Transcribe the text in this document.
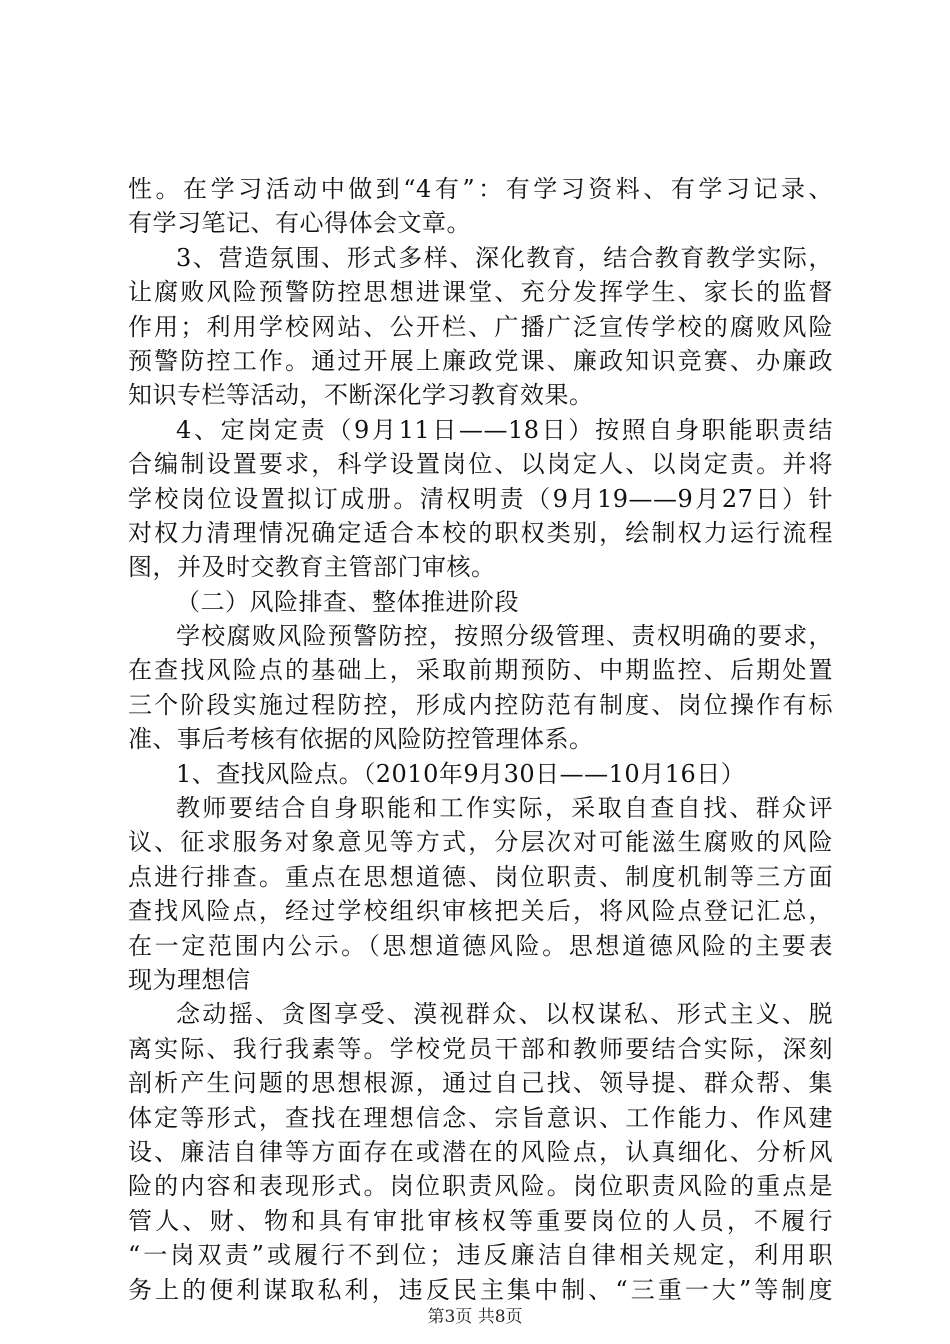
性。在学习活动中做到“4有”：有学习资料、有学习记录、
有学习笔记、有心得体会文章。
3、营造氛围、形式多样、深化教育，结合教育教学实际，
让腐败风险预警防控思想进课堂、充分发挥学生、家长的监督
作用；利用学校网站、公开栏、广播广泛宣传学校的腐败风险
预警防控工作。通过开展上廉政党课、廉政知识竞赛、办廉政
知识专栏等活动，不断深化学习教育效果。
4、定岗定责（9月11日——18日）按照自身职能职责结
合编制设置要求，科学设置岗位、以岗定人、以岗定责。并将
学校岗位设置拟订成册。清权明责（9月19——9月27日）针
对权力清理情况确定适合本校的职权类别，绘制权力运行流程
图，并及时交教育主管部门审核。
（二）风险排查、整体推进阶段
学校腐败风险预警防控，按照分级管理、责权明确的要求，
在查找风险点的基础上，采取前期预防、中期监控、后期处置
三个阶段实施过程防控，形成内控防范有制度、岗位操作有标
准、事后考核有依据的风险防控管理体系。
1、查找风险点。（2010年9月30日——10月16日）
教师要结合自身职能和工作实际，采取自查自找、群众评
议、征求服务对象意见等方式，分层次对可能滋生腐败的风险
点进行排查。重点在思想道德、岗位职责、制度机制等三方面
查找风险点，经过学校组织审核把关后，将风险点登记汇总，
在一定范围内公示。（思想道德风险。思想道德风险的主要表
现为理想信
念动摇、贪图享受、漠视群众、以权谋私、形式主义、脱
离实际、我行我素等。学校党员干部和教师要结合实际，深刻
剖析产生问题的思想根源，通过自己找、领导提、群众帮、集
体定等形式，查找在理想信念、宗旨意识、工作能力、作风建
设、廉洁自律等方面存在或潜在的风险点，认真细化、分析风
险的内容和表现形式。岗位职责风险。岗位职责风险的重点是
管人、财、物和具有审批审核权等重要岗位的人员，不履行
“一岗双责”或履行不到位；违反廉洁自律相关规定，利用职
务上的便利谋取私利，违反民主集中制、“三重一大”等制度
第3页 共8页
